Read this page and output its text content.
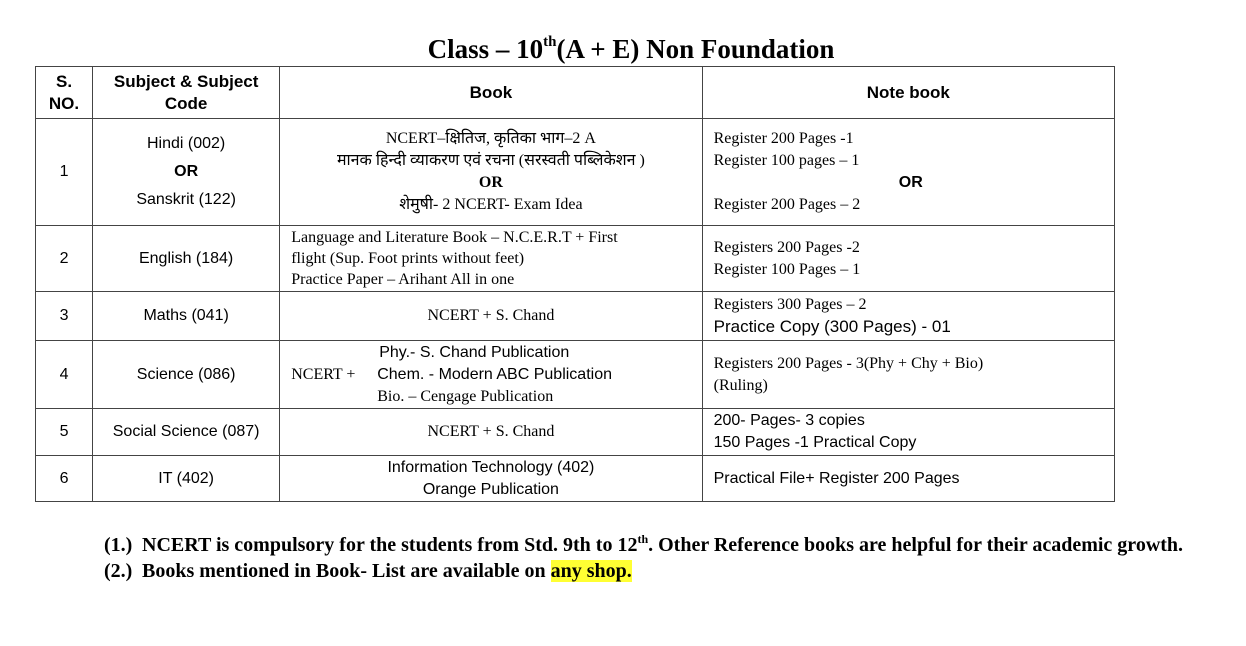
Class – 10th(A + E) Non Foundation
S. NO.	Subject & Subject Code	Book	Note book
1	Hindi (002)
OR
Sanskrit (122)	NCERT–क्षितिज, कृतिका भाग–2 A
मानक हिन्दी व्याकरण एवं रचना (सरस्वती पब्लिकेशन )
OR
शेमुषी- 2 NCERT- Exam Idea	Register 200 Pages -1
Register 100 pages – 1
OR
Register 200 Pages – 2

2	English (184)	Language and Literature Book – N.C.E.R.T + First
flight (Sup. Foot prints without feet)
Practice Paper – Arihant All in one	Registers 200 Pages -2
Register 100 Pages – 1

3	Maths (041)	NCERT + S. Chand	Registers 300 Pages – 2
Practice Copy (300 Pages) - 01

4	Science (086)	NCERT +
Phy.- S. Chand Publication
Chem. - Modern ABC Publication
Bio. – Cengage Publication	Registers 200 Pages - 3(Phy + Chy + Bio)
(Ruling)

5	Social Science (087)	NCERT + S. Chand	200- Pages- 3 copies
150 Pages -1 Practical Copy

6	IT (402)	Information Technology (402)
Orange Publication	Practical File+ Register 200 Pages
(1.) NCERT is compulsory for the students from Std. 9th to 12th. Other Reference books are helpful for their academic growth.
(2.) Books mentioned in Book- List are available on any shop.
